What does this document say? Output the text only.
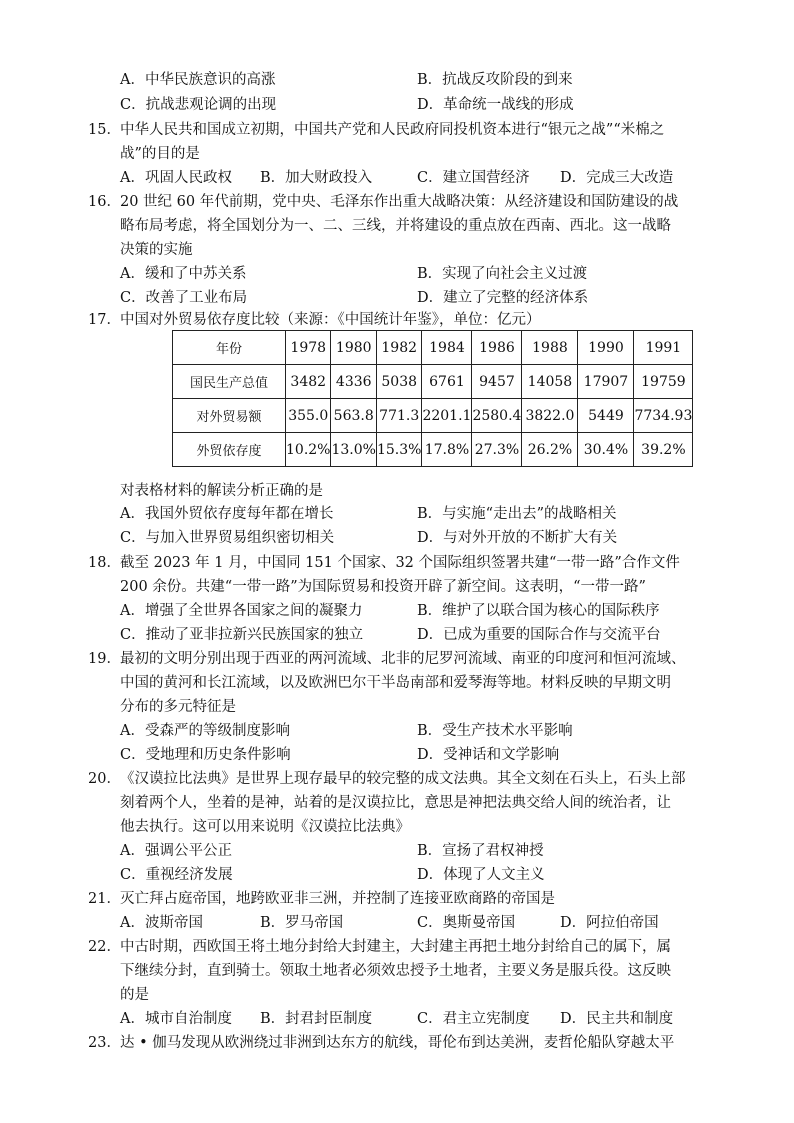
A．中华民族意识的高涨	B．抗战反攻阶段的到来
C．抗战悲观论调的出现	D．革命统一战线的形成
15． 中华人民共和国成立初期，中国共产党和人民政府同投机资本进行“银元之战”“米棉之
战”的目的是
A．巩固人民政权 B．加大财政投入	C．建立国营经济 D．完成三大改造
16． 20 世纪 60 年代前期，党中央、毛泽东作出重大战略决策：从经济建设和国防建设的战
略布局考虑，将全国划分为一、二、三线，并将建设的重点放在西南、西北。这一战略
决策的实施
A．缓和了中苏关系	B．实现了向社会主义过渡
C．改善了工业布局	D．建立了完整的经济体系
17． 中国对外贸易依存度比较（来源：《中国统计年鉴》，单位：亿元）
年份	1978	1980	1982	1984	1986	1988	1990	1991
国民生产总值	3482	4336	5038	6761	9457	14058	17907	19759
对外贸易额	355.0	563.8	771.3	2201.1	2580.4	3822.0	5449	7734.93
外贸依存度	10.2%	13.0%	15.3%	17.8%	27.3%	26.2%	30.4%	39.2%
对表格材料的解读分析正确的是
A．我国外贸依存度每年都在增长	B．与实施“走出去”的战略相关
C．与加入世界贸易组织密切相关	D．与对外开放的不断扩大有关
18． 截至 2023 年 1 月，中国同 151 个国家、32 个国际组织签署共建“一带一路”合作文件
200 余份。共建“一带一路”为国际贸易和投资开辟了新空间。这表明，“一带一路”
A．增强了全世界各国家之间的凝聚力	B．维护了以联合国为核心的国际秩序
C．推动了亚非拉新兴民族国家的独立	D．已成为重要的国际合作与交流平台
19． 最初的文明分别出现于西亚的两河流域、北非的尼罗河流域、南亚的印度河和恒河流域、
中国的黄河和长江流域，以及欧洲巴尔干半岛南部和爱琴海等地。材料反映的早期文明
分布的多元特征是
A．受森严的等级制度影响	B．受生产技术水平影响
C．受地理和历史条件影响	D．受神话和文学影响
20． 《汉谟拉比法典》是世界上现存最早的较完整的成文法典。其全文刻在石头上，石头上部
刻着两个人，坐着的是神，站着的是汉谟拉比，意思是神把法典交给人间的统治者，让
他去执行。这可以用来说明《汉谟拉比法典》
A．强调公平公正	B．宣扬了君权神授
C．重视经济发展	D．体现了人文主义
21． 灭亡拜占庭帝国，地跨欧亚非三洲，并控制了连接亚欧商路的帝国是
A．波斯帝国	B．罗马帝国	C．奥斯曼帝国	D．阿拉伯帝国
22． 中古时期，西欧国王将土地分封给大封建主，大封建主再把土地分封给自己的属下，属
下继续分封，直到骑士。领取土地者必须效忠授予土地者，主要义务是服兵役。这反映
的是
A．城市自治制度 B．封君封臣制度	C．君主立宪制度 D．民主共和制度
23． 达 • 伽马发现从欧洲绕过非洲到达东方的航线，哥伦布到达美洲，麦哲伦船队穿越太平
